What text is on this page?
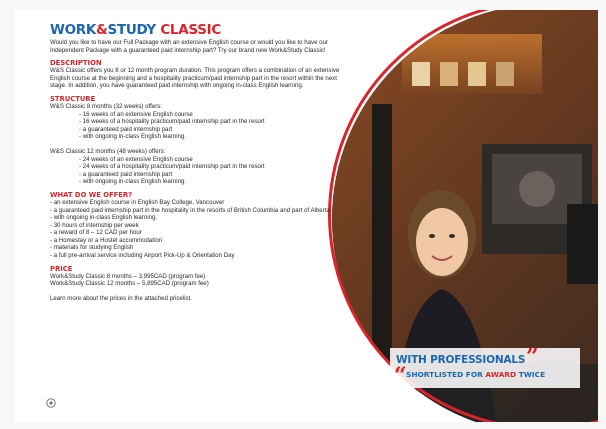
WITH PROFESSIONALS ”
“ SHORTLISTED FOR AWARD TWICE
WORK&STUDY CLASSIC

Would you like to have our Full Package with an extensive English course or would you like to have our Independent Package with a guaranteed paid internship part? Try our brand new Work&Study Classic!

DESCRIPTION

W&S Classic offers you 8 or 12 month program duration. This program offers a combination of an extensive English course at the beginning and a hospitality practicum/paid internship part in the resort within the next stage. In addition, you have guaranteed paid internship with ongoing in-class English learning.

STRUCTURE

W&S Classic 8 months (32 weeks) offers:

- 16 weeks of an extensive English course

- 16 weeks of a hospitality practicum/paid internship part in the resort

- a guaranteed paid internship part

- with ongoing in-class English learning.

W&S Classic 12 months (48 weeks) offers:

- 24 weeks of an extensive English course

- 24 weeks of a hospitality practicum/paid internship part in the resort

- a guaranteed paid internship part

- with ongoing in-class English learning.

WHAT DO WE OFFER?

- an extensive English course in English Bay College, Vancouver

- a guaranteed paid internship part in the hospitality in the resorts of British Columbia and part of Alberta

- with ongoing in-class English learning.

- 30 hours of internship per week

- a reward of 8 – 12 CAD per hour

- a Homestay or a Hostel accommodation

- materials for studying English

- a full pre-arrival service including Airport Pick-Up & Orientation Day

PRICE

Work&Study Classic 8 months – 3,995CAD (program fee)

Work&Study Classic 12 months – 5,895CAD (program fee)

Learn more about the prices in the attached pricelist.
